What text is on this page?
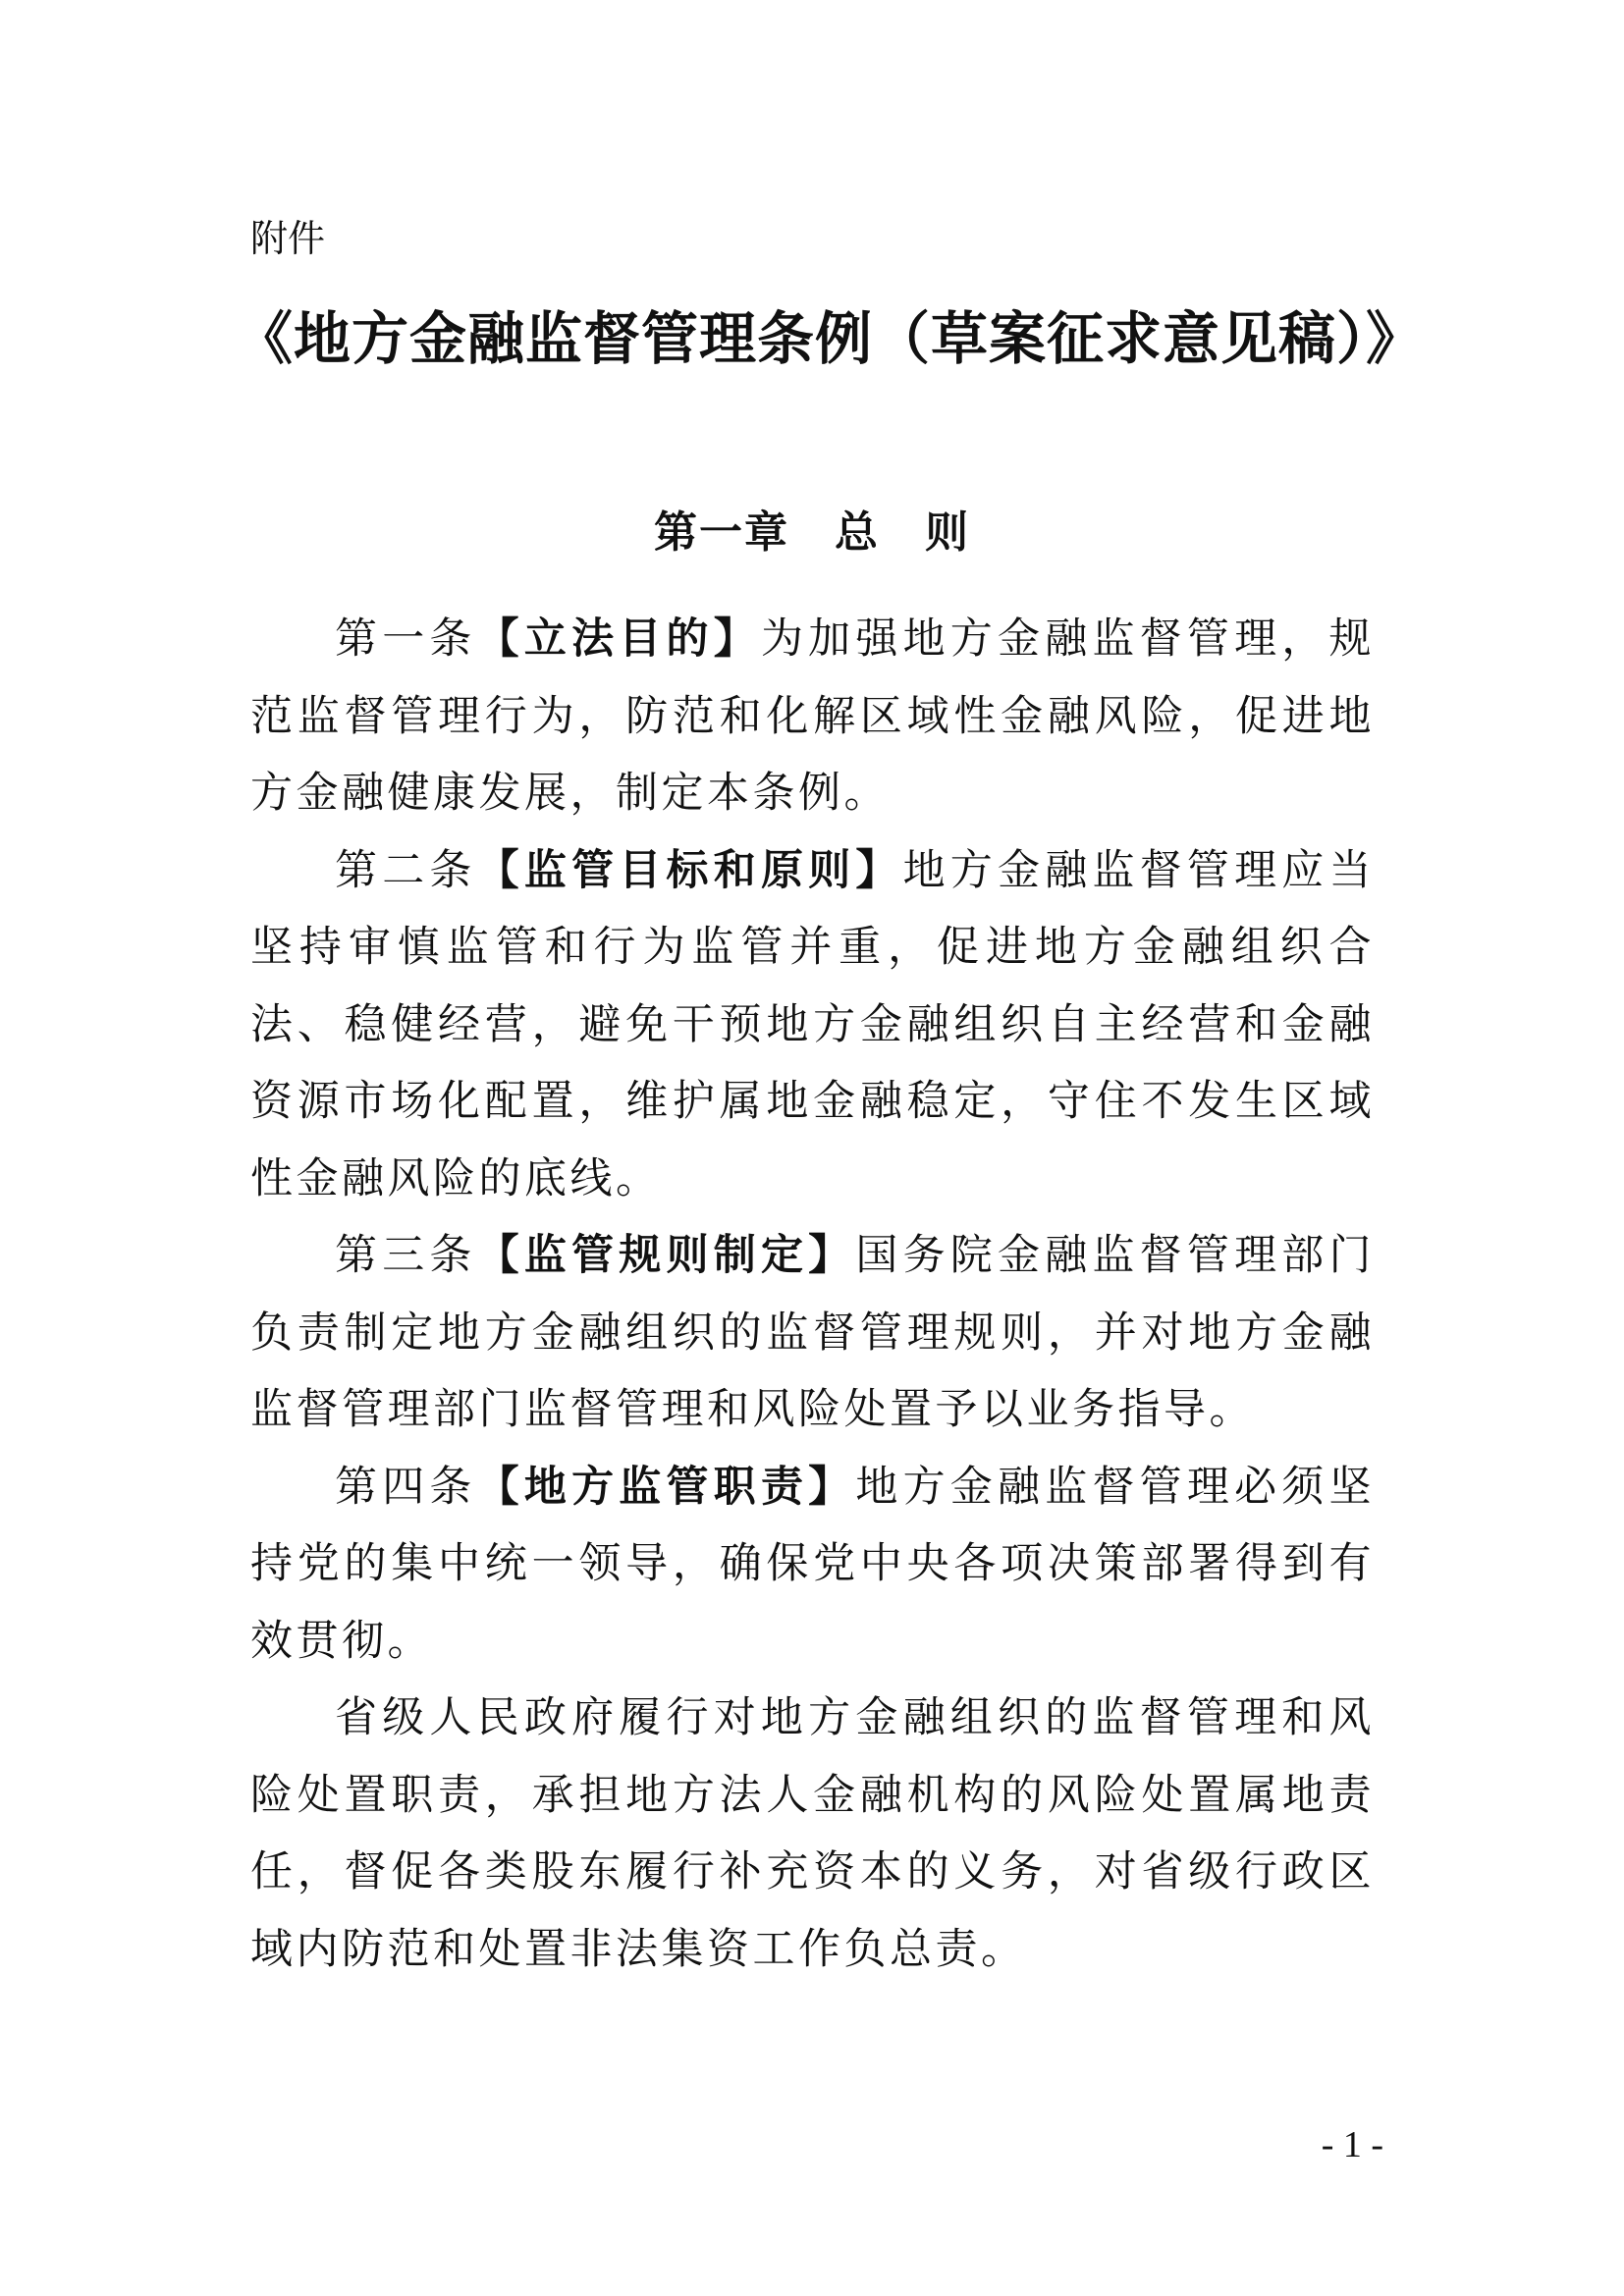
附件

《地方金融监督管理条例（草案征求意见稿）》
第一章　总　则

第一条【立法目的】为加强地方金融监督管理，规范监督管理行为，防范和化解区域性金融风险，促进地方金融健康发展，制定本条例。

第二条【监管目标和原则】地方金融监督管理应当坚持审慎监管和行为监管并重，促进地方金融组织合法、稳健经营，避免干预地方金融组织自主经营和金融资源市场化配置，维护属地金融稳定，守住不发生区域性金融风险的底线。

第三条【监管规则制定】国务院金融监督管理部门负责制定地方金融组织的监督管理规则，并对地方金融监督管理部门监督管理和风险处置予以业务指导。

第四条【地方监管职责】地方金融监督管理必须坚持党的集中统一领导，确保党中央各项决策部署得到有效贯彻。

省级人民政府履行对地方金融组织的监督管理和风险处置职责，承担地方法人金融机构的风险处置属地责任，督促各类股东履行补充资本的义务，对省级行政区域内防范和处置非法集资工作负总责。

- 1 -
